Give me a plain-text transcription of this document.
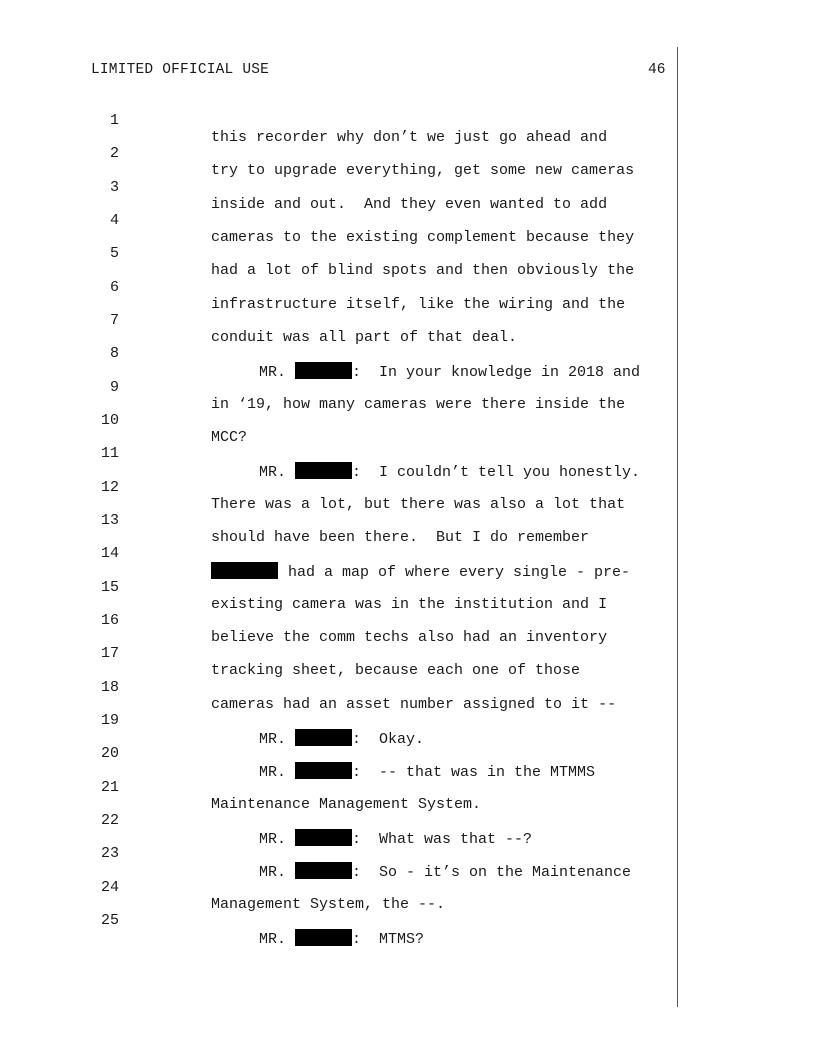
LIMITED OFFICIAL USE	46

1

this recorder why don’t we just go ahead and

2

try to upgrade everything, get some new cameras

3

inside and out.  And they even wanted to add

4

cameras to the existing complement because they

5

had a lot of blind spots and then obviously the

6

infrastructure itself, like the wiring and the

7

conduit was all part of that deal.

8

MR.	:  In your knowledge in 2018 and

9

in ‘19, how many cameras were there inside the

10

MCC?

11

MR.	:  I couldn’t tell you honestly.

12

There was a lot, but there was also a lot that

13

should have been there.  But I do remember

14

had a map of where every single - pre-

15

existing camera was in the institution and I

16

believe the comm techs also had an inventory

17

tracking sheet, because each one of those

18

cameras had an asset number assigned to it --

19

MR.	:  Okay.

20

MR.	:  -- that was in the MTMMS

21

Maintenance Management System.

22

MR.	:  What was that --?

23

MR.	:  So - it’s on the Maintenance

24

Management System, the --.

25

MR.	:  MTMS?
